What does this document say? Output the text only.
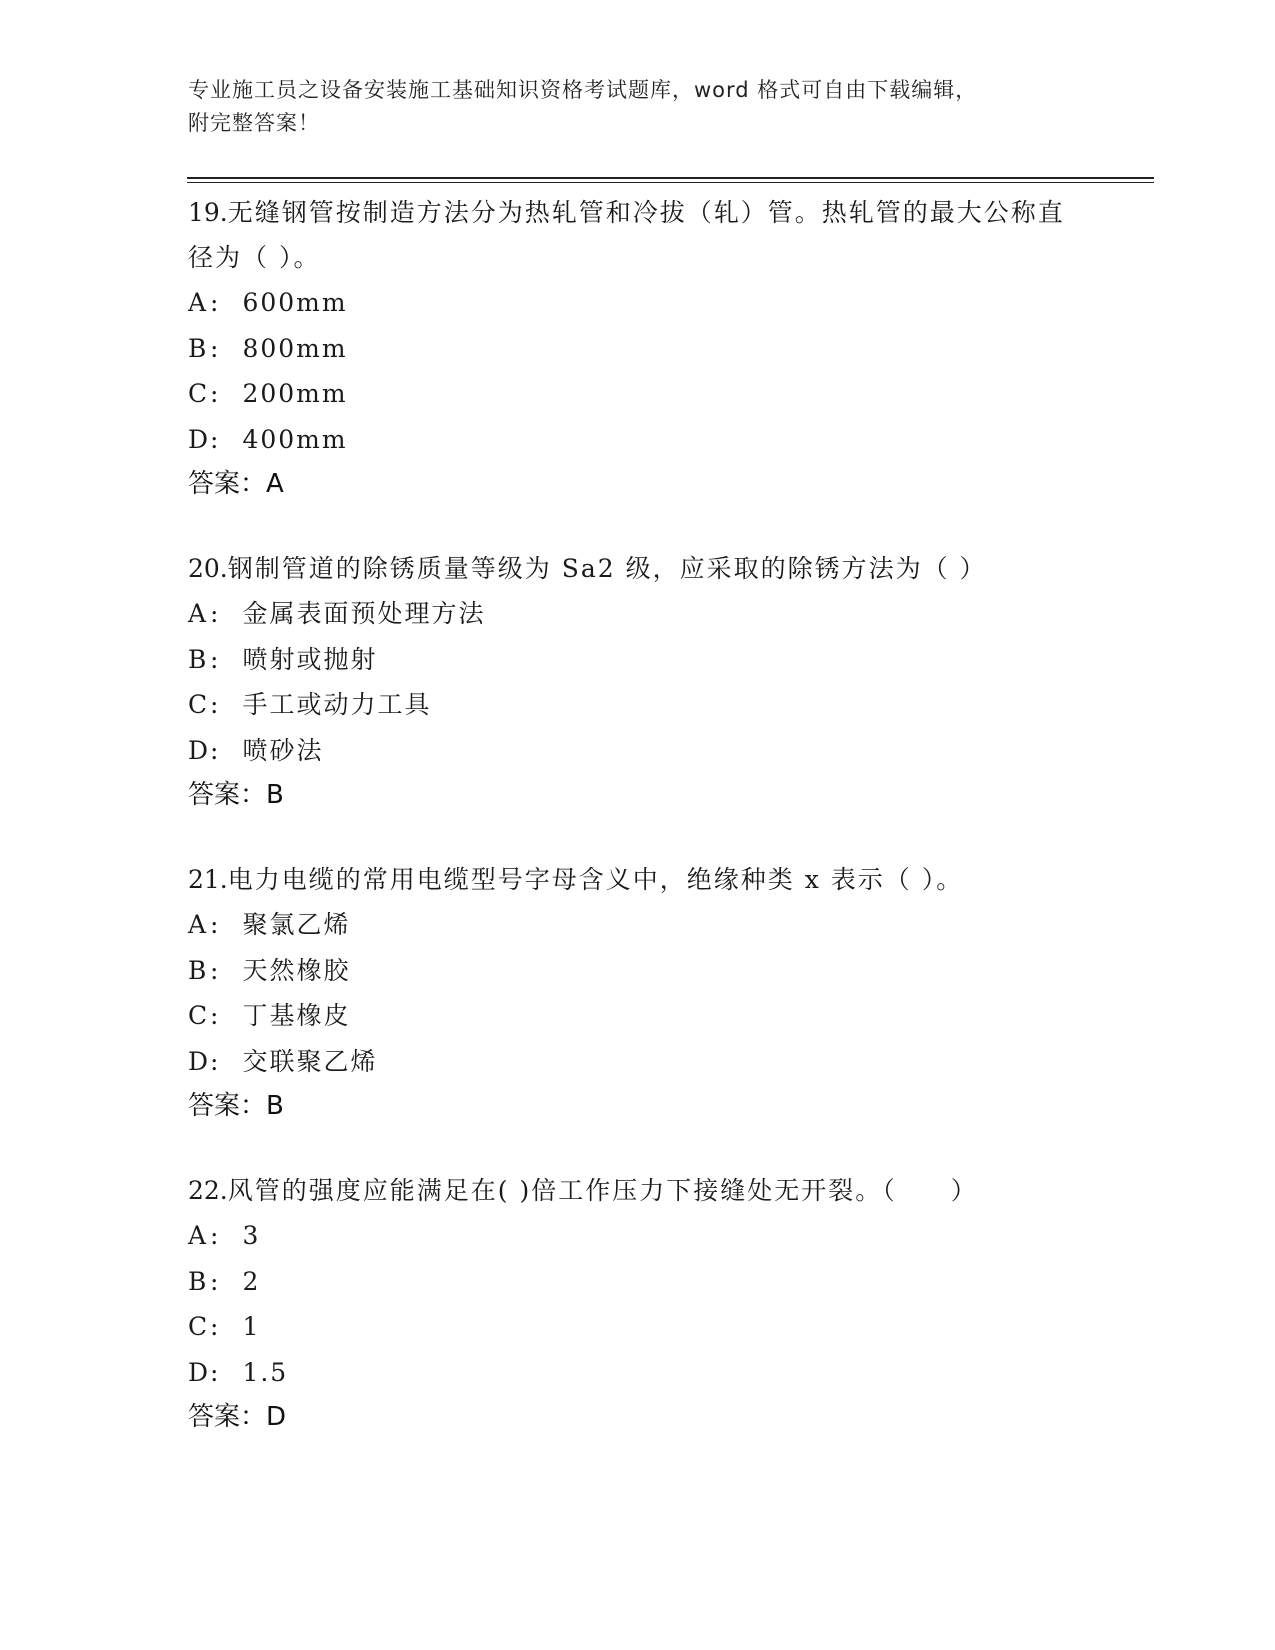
专业施工员之设备安装施工基础知识资格考试题库，word 格式可自由下载编辑，
附完整答案！

19.无缝钢管按制造方法分为热轧管和冷拔（轧）管。热轧管的最大公称直径为（ ）。

A : 600mm

B : 800mm

C : 200mm

D: 400mm

答案：A

20.钢制管道的除锈质量等级为 Sa2 级，应采取的除锈方法为（ ）

A : 金属表面预处理方法

B : 喷射或抛射

C : 手工或动力工具

D: 喷砂法

答案：B

21.电力电缆的常用电缆型号字母含义中，绝缘种类 x 表示（ ）。

A : 聚氯乙烯

B : 天然橡胶

C : 丁基橡皮

D: 交联聚乙烯

答案：B

22.风管的强度应能满足在( )倍工作压力下接缝处无开裂。（　　）

A : 3

B : 2

C : 1

D: 1.5

答案：D
